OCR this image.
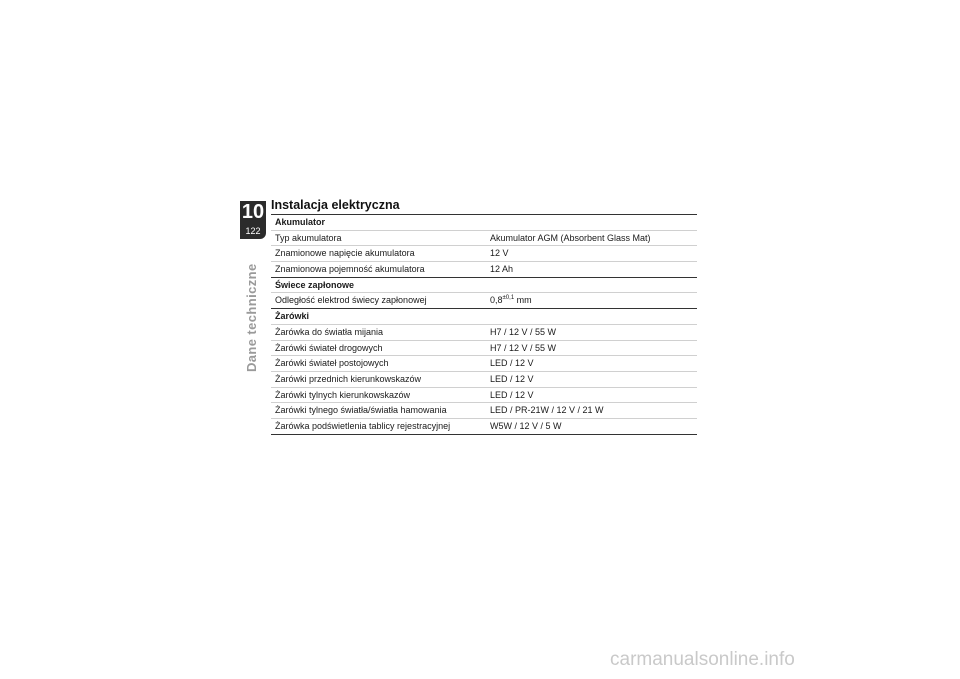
10
122
Dane techniczne
Instalacja elektryczna
Akumulator
Typ akumulatora	Akumulator AGM (Absorbent Glass Mat)
Znamionowe napięcie akumulatora	12 V
Znamionowa pojemność akumulatora	12 Ah
Świece zapłonowe
Odległość elektrod świecy zapłonowej	$0,8^{\pm 0,1}$ mm
Żarówki
Żarówka do światła mijania	H7 / 12 V / 55 W
Żarówki świateł drogowych	H7 / 12 V / 55 W
Żarówki świateł postojowych	LED / 12 V
Żarówki przednich kierunkowskazów	LED / 12 V
Żarówki tylnych kierunkowskazów	LED / 12 V
Żarówki tylnego światła/światła hamowania	LED / PR-21W / 12 V / 21 W
Żarówka podświetlenia tablicy rejestracyjnej	W5W / 12 V / 5 W
carmanualsonline.info
